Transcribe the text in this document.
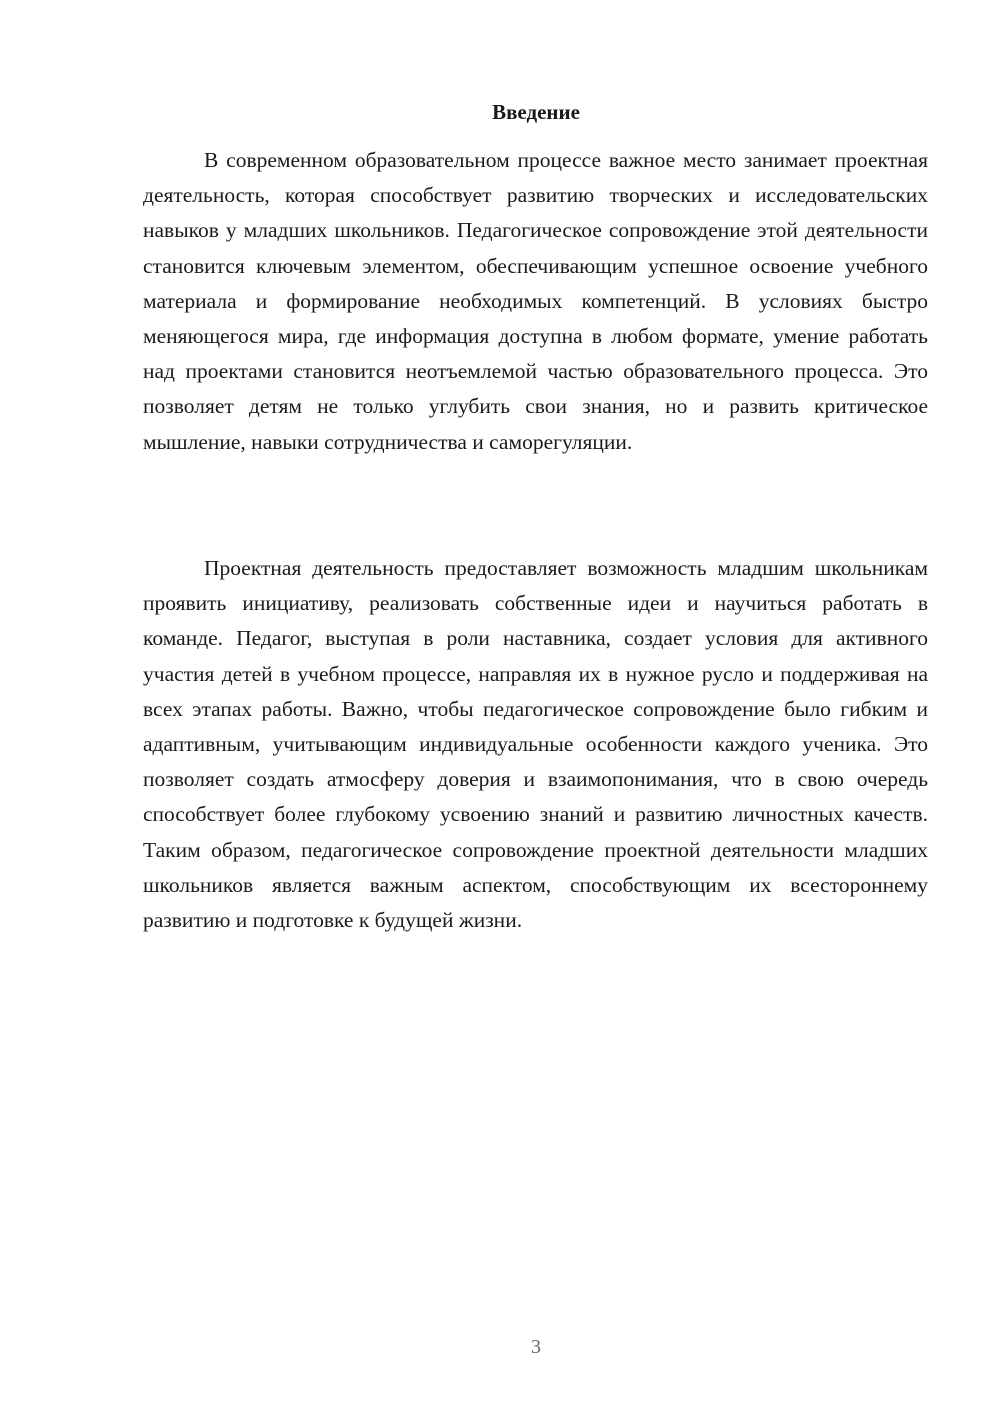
Введение

В современном образовательном процессе важное место занимает проектная деятельность, которая способствует развитию творческих и исследовательских навыков у младших школьников. Педагогическое сопровождение этой деятельности становится ключевым элементом, обеспечивающим успешное освоение учебного материала и формирование необходимых компетенций. В условиях быстро меняющегося мира, где информация доступна в любом формате, умение работать над проектами становится неотъемлемой частью образовательного процесса. Это позволяет детям не только углубить свои знания, но и развить критическое мышление, навыки сотрудничества и саморегуляции.

Проектная деятельность предоставляет возможность младшим школьникам проявить инициативу, реализовать собственные идеи и научиться работать в команде. Педагог, выступая в роли наставника, создает условия для активного участия детей в учебном процессе, направляя их в нужное русло и поддерживая на всех этапах работы. Важно, чтобы педагогическое сопровождение было гибким и адаптивным, учитывающим индивидуальные особенности каждого ученика. Это позволяет создать атмосферу доверия и взаимопонимания, что в свою очередь способствует более глубокому усвоению знаний и развитию личностных качеств. Таким образом, педагогическое сопровождение проектной деятельности младших школьников является важным аспектом, способствующим их всестороннему развитию и подготовке к будущей жизни.

3
